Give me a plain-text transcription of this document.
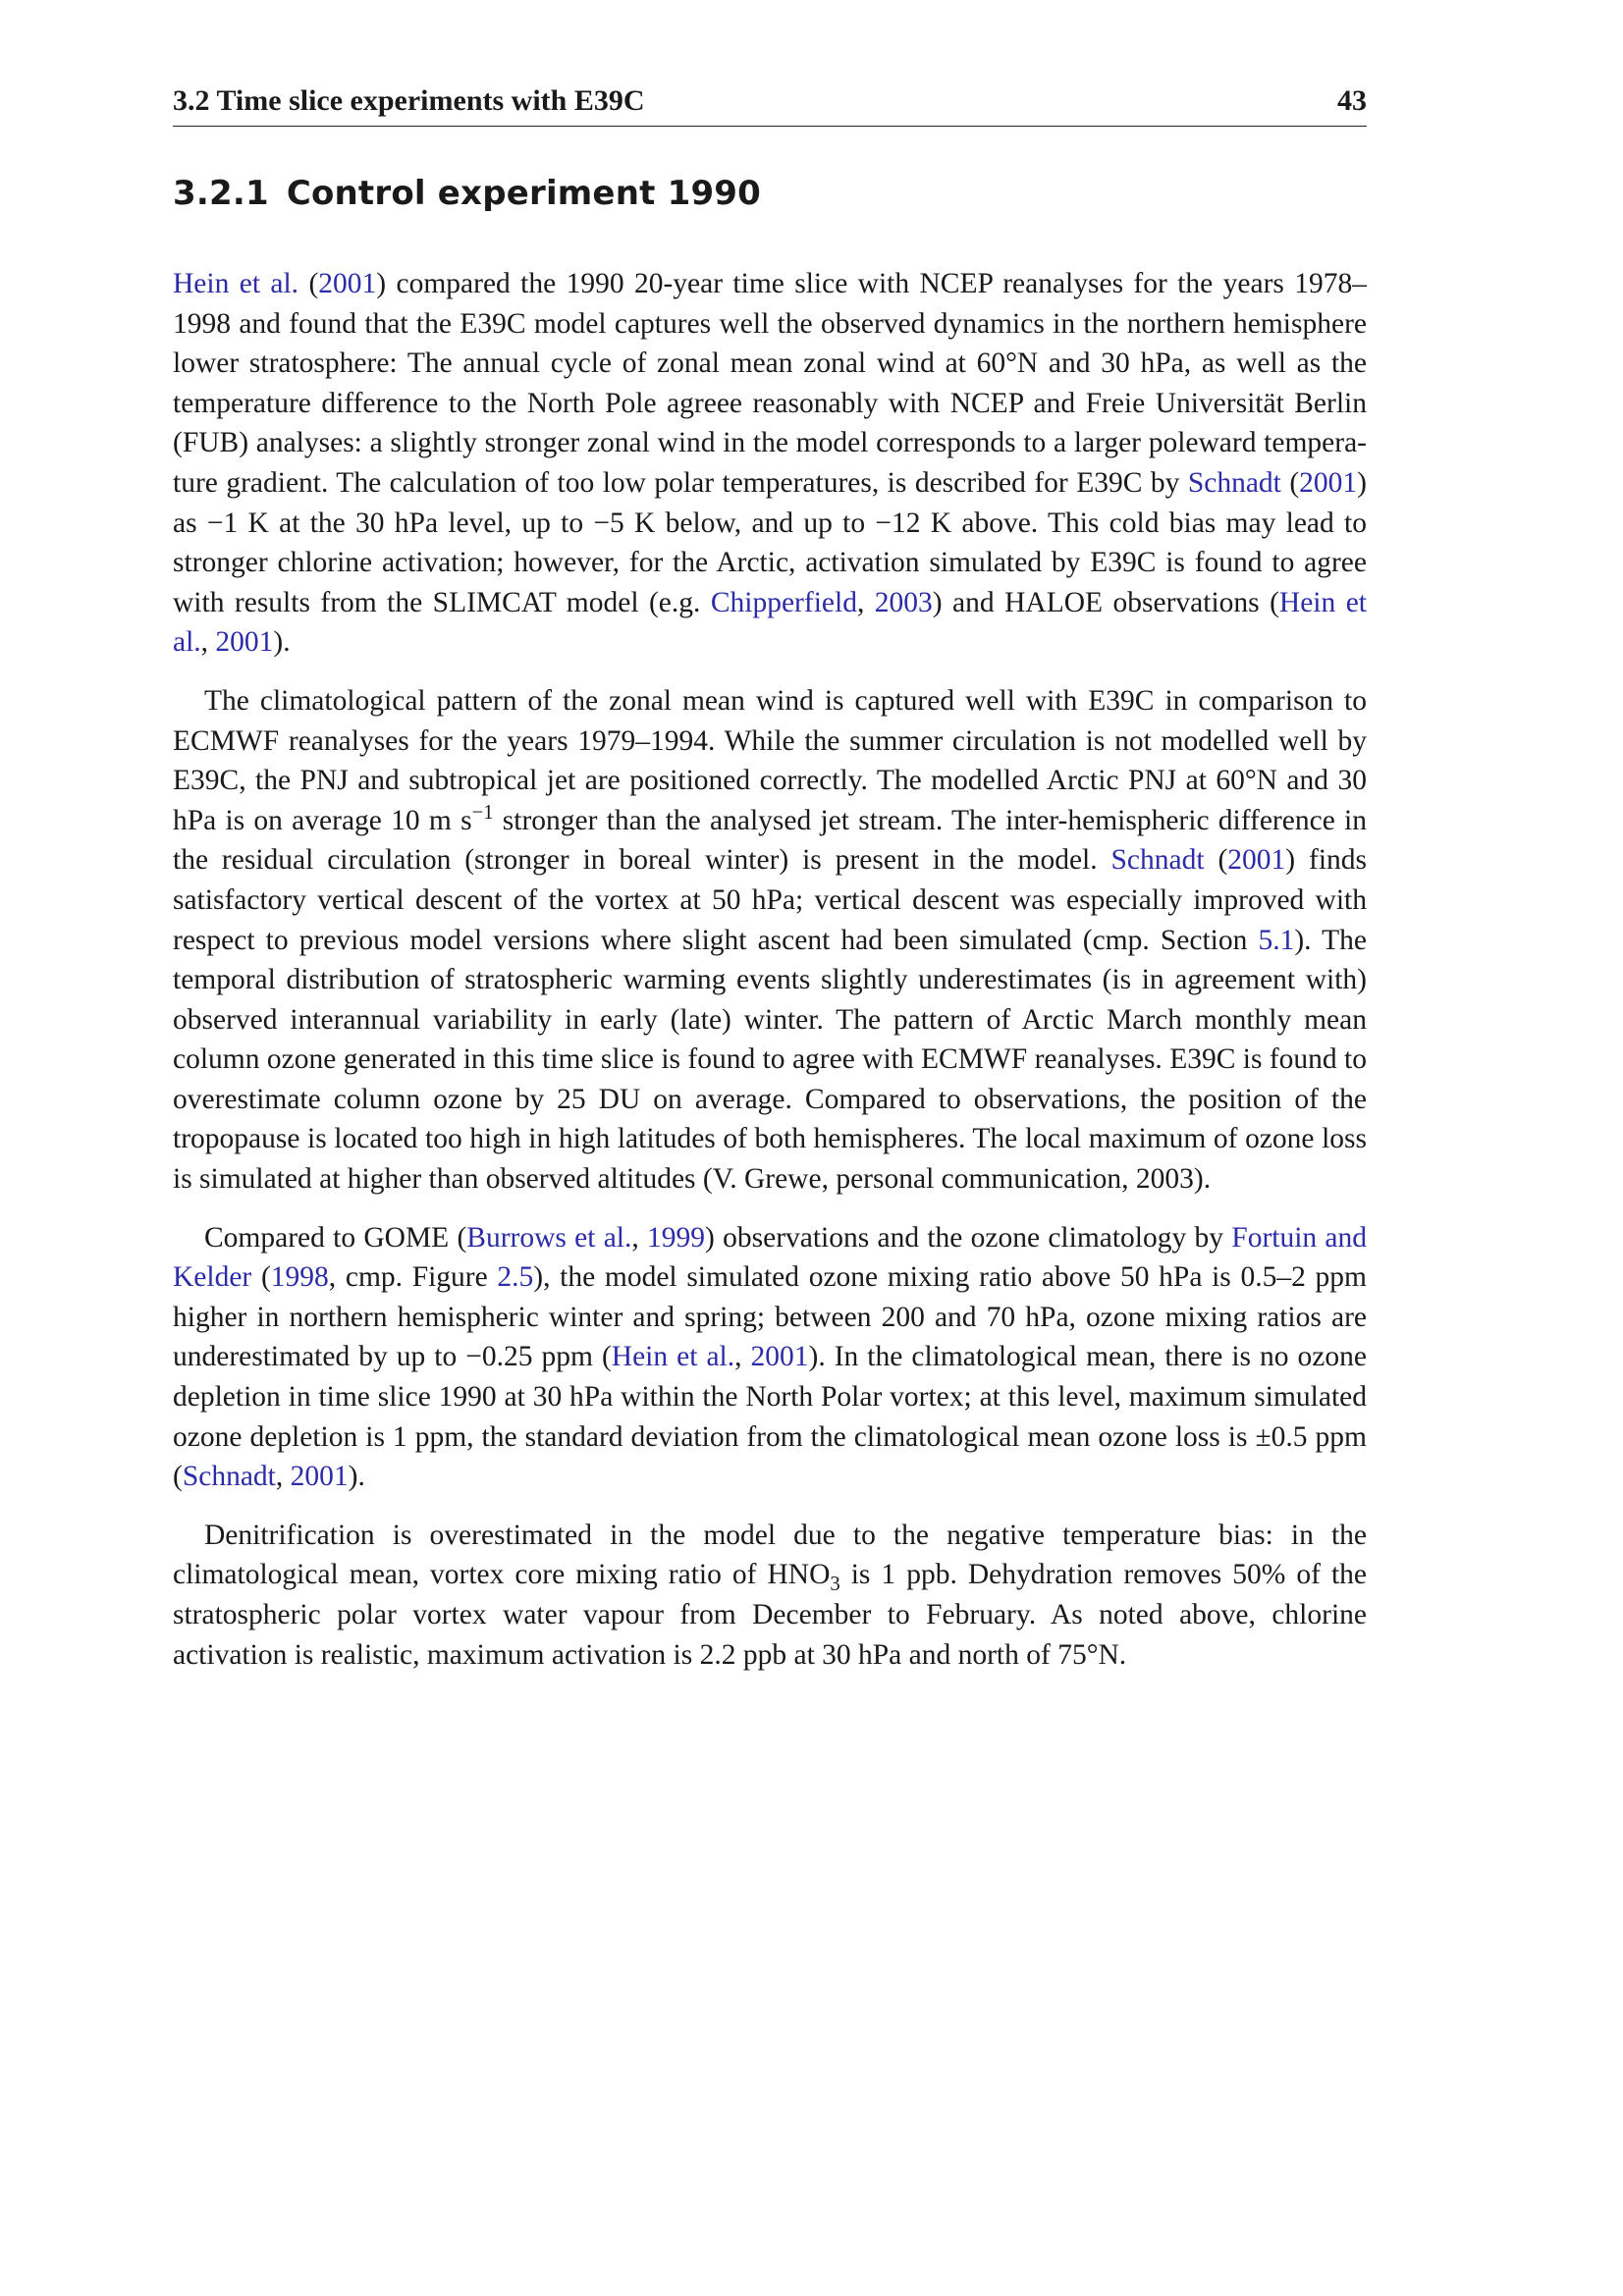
3.2 Time slice experiments with E39C	43
3.2.1 Control experiment 1990

Hein et al. (2001) compared the 1990 20-year time slice with NCEP reanalyses for the years 1978–1998 and found that the E39C model captures well the observed dynamics in the northern hemisphere lower stratosphere: The annual cycle of zonal mean zonal wind at 60°N and 30 hPa, as well as the temperature difference to the North Pole agreee reasonably with NCEP and Freie Universität Berlin (FUB) analyses: a slightly stronger zonal wind in the model corresponds to a larger poleward temperature gradient. The calculation of too low polar temperatures, is described for E39C by Schnadt (2001) as −1 K at the 30 hPa level, up to −5 K below, and up to −12 K above. This cold bias may lead to stronger chlorine activation; however, for the Arctic, activation simulated by E39C is found to agree with results from the SLIMCAT model (e.g. Chipperfield, 2003) and HALOE observations (Hein et al., 2001).

The climatological pattern of the zonal mean wind is captured well with E39C in comparison to ECMWF reanalyses for the years 1979–1994. While the summer circulation is not modelled well by E39C, the PNJ and subtropical jet are positioned correctly. The modelled Arctic PNJ at 60°N and 30 hPa is on average 10 m $s^{-1}$ stronger than the analysed jet stream. The inter-hemispheric difference in the residual circulation (stronger in boreal winter) is present in the model. Schnadt (2001) finds satisfactory vertical descent of the vortex at 50 hPa; vertical descent was especially improved with respect to previous model versions where slight ascent had been simulated (cmp. Section 5.1). The temporal distribution of stratospheric warming events slightly underestimates (is in agreement with) observed interannual variability in early (late) winter. The pattern of Arctic March monthly mean column ozone generated in this time slice is found to agree with ECMWF reanalyses. E39C is found to overestimate column ozone by 25 DU on average. Compared to observations, the position of the tropopause is located too high in high latitudes of both hemispheres. The local maximum of ozone loss is simulated at higher than observed altitudes (V. Grewe, personal communication, 2003).

Compared to GOME (Burrows et al., 1999) observations and the ozone climatology by Fortuin and Kelder (1998, cmp. Figure 2.5), the model simulated ozone mixing ratio above 50 hPa is 0.5–2 ppm higher in northern hemispheric winter and spring; between 200 and 70 hPa, ozone mixing ratios are underestimated by up to −0.25 ppm (Hein et al., 2001). In the climatological mean, there is no ozone depletion in time slice 1990 at 30 hPa within the North Polar vortex; at this level, maximum simulated ozone depletion is 1 ppm, the standard deviation from the climatological mean ozone loss is ±0.5 ppm (Schnadt, 2001).

Denitrification is overestimated in the model due to the negative temperature bias: in the climatological mean, vortex core mixing ratio of $HNO_3$ is 1 ppb. Dehydration removes 50% of the stratospheric polar vortex water vapour from December to February. As noted above, chlorine activation is realistic, maximum activation is 2.2 ppb at 30 hPa and north of 75°N.
